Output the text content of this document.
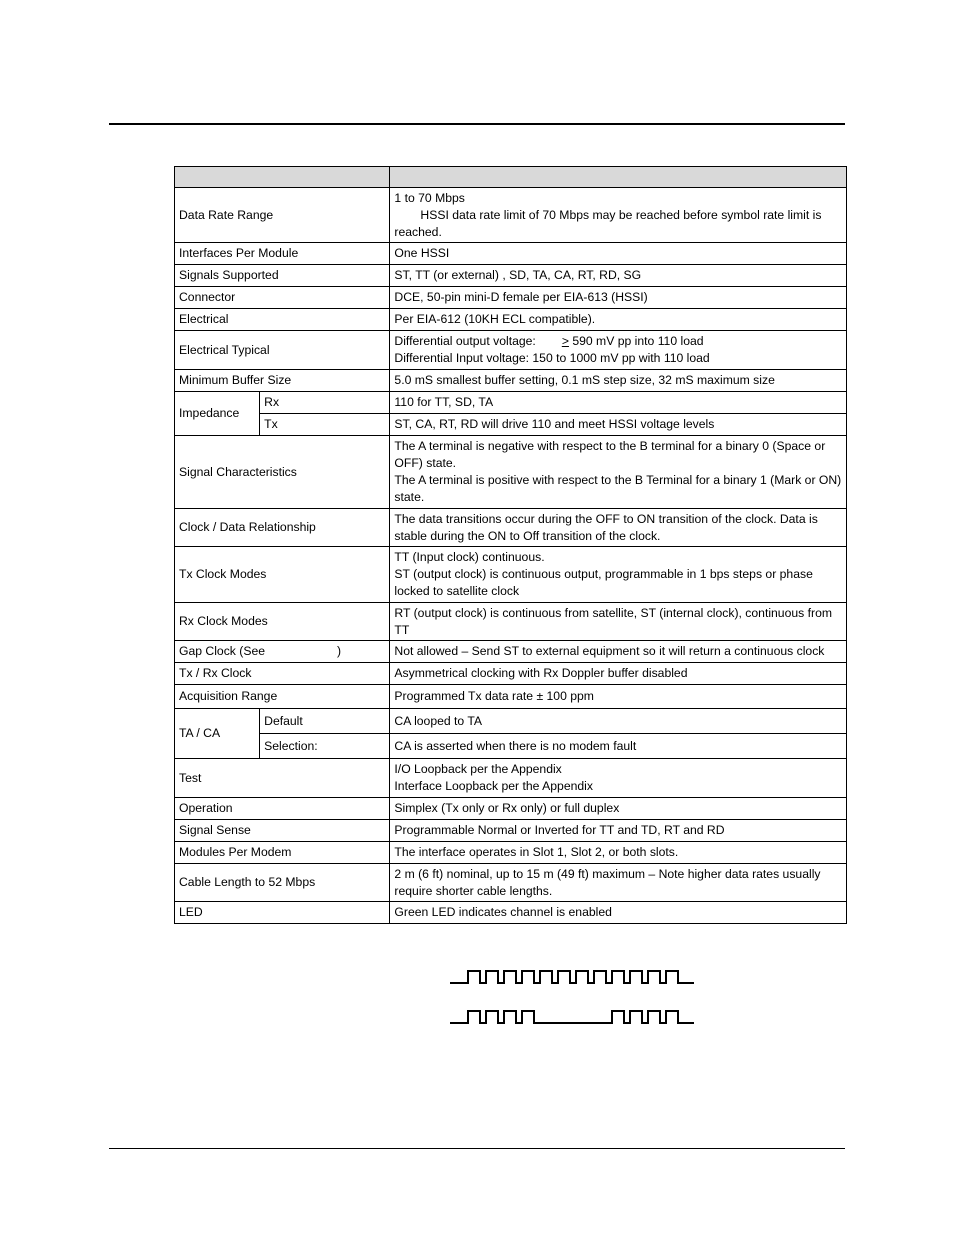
Data Rate Range		1 to 70 Mbps
HSSI data rate limit of 70 Mbps may be reached before symbol rate limit is reached.

Interfaces Per Module		One HSSI
Signals Supported		ST, TT (or external) , SD, TA, CA, RT, RD, SG
Connector		DCE, 50-pin mini-D female per EIA-613 (HSSI)
Electrical		Per EIA-612 (10KH ECL compatible).
Electrical Typical		Differential output voltage: > 590 mV pp into 110 load
Differential Input voltage: 150 to 1000 mV pp with 110 load

Minimum Buffer Size		5.0 mS smallest buffer setting, 0.1 mS step size, 32 mS maximum size
Impedance	Rx	110 for TT, SD, TA
	Tx	ST, CA, RT, RD will drive 110 and meet HSSI voltage levels
Signal Characteristics		The A terminal is negative with respect to the B terminal for a binary 0 (Space or OFF) state.
The A terminal is positive with respect to the B Terminal for a binary 1 (Mark or ON) state.

Clock / Data Relationship		The data transitions occur during the OFF to ON transition of the clock. Data is stable during the ON to Off transition of the clock.
Tx Clock Modes		TT (Input clock) continuous.
ST (output clock) is continuous output, programmable in 1 bps steps or phase locked to satellite clock

Rx Clock Modes		RT (output clock) is continuous from satellite, ST (internal clock), continuous from TT
Gap Clock (See )		Not allowed – Send ST to external equipment so it will return a continuous clock
Tx / Rx Clock		Asymmetrical clocking with Rx Doppler buffer disabled
Acquisition Range		Programmed Tx data rate ± 100 ppm
TA / CA	Default	CA looped to TA
	Selection:	CA is asserted when there is no modem fault
Test		I/O Loopback per the Appendix
Interface Loopback per the Appendix

Operation		Simplex (Tx only or Rx only) or full duplex
Signal Sense		Programmable Normal or Inverted for TT and TD, RT and RD
Modules Per Modem		The interface operates in Slot 1, Slot 2, or both slots.
Cable Length to 52 Mbps		2 m (6 ft) nominal, up to 15 m (49 ft) maximum – Note higher data rates usually require shorter cable lengths.
LED		Green LED indicates channel is enabled
